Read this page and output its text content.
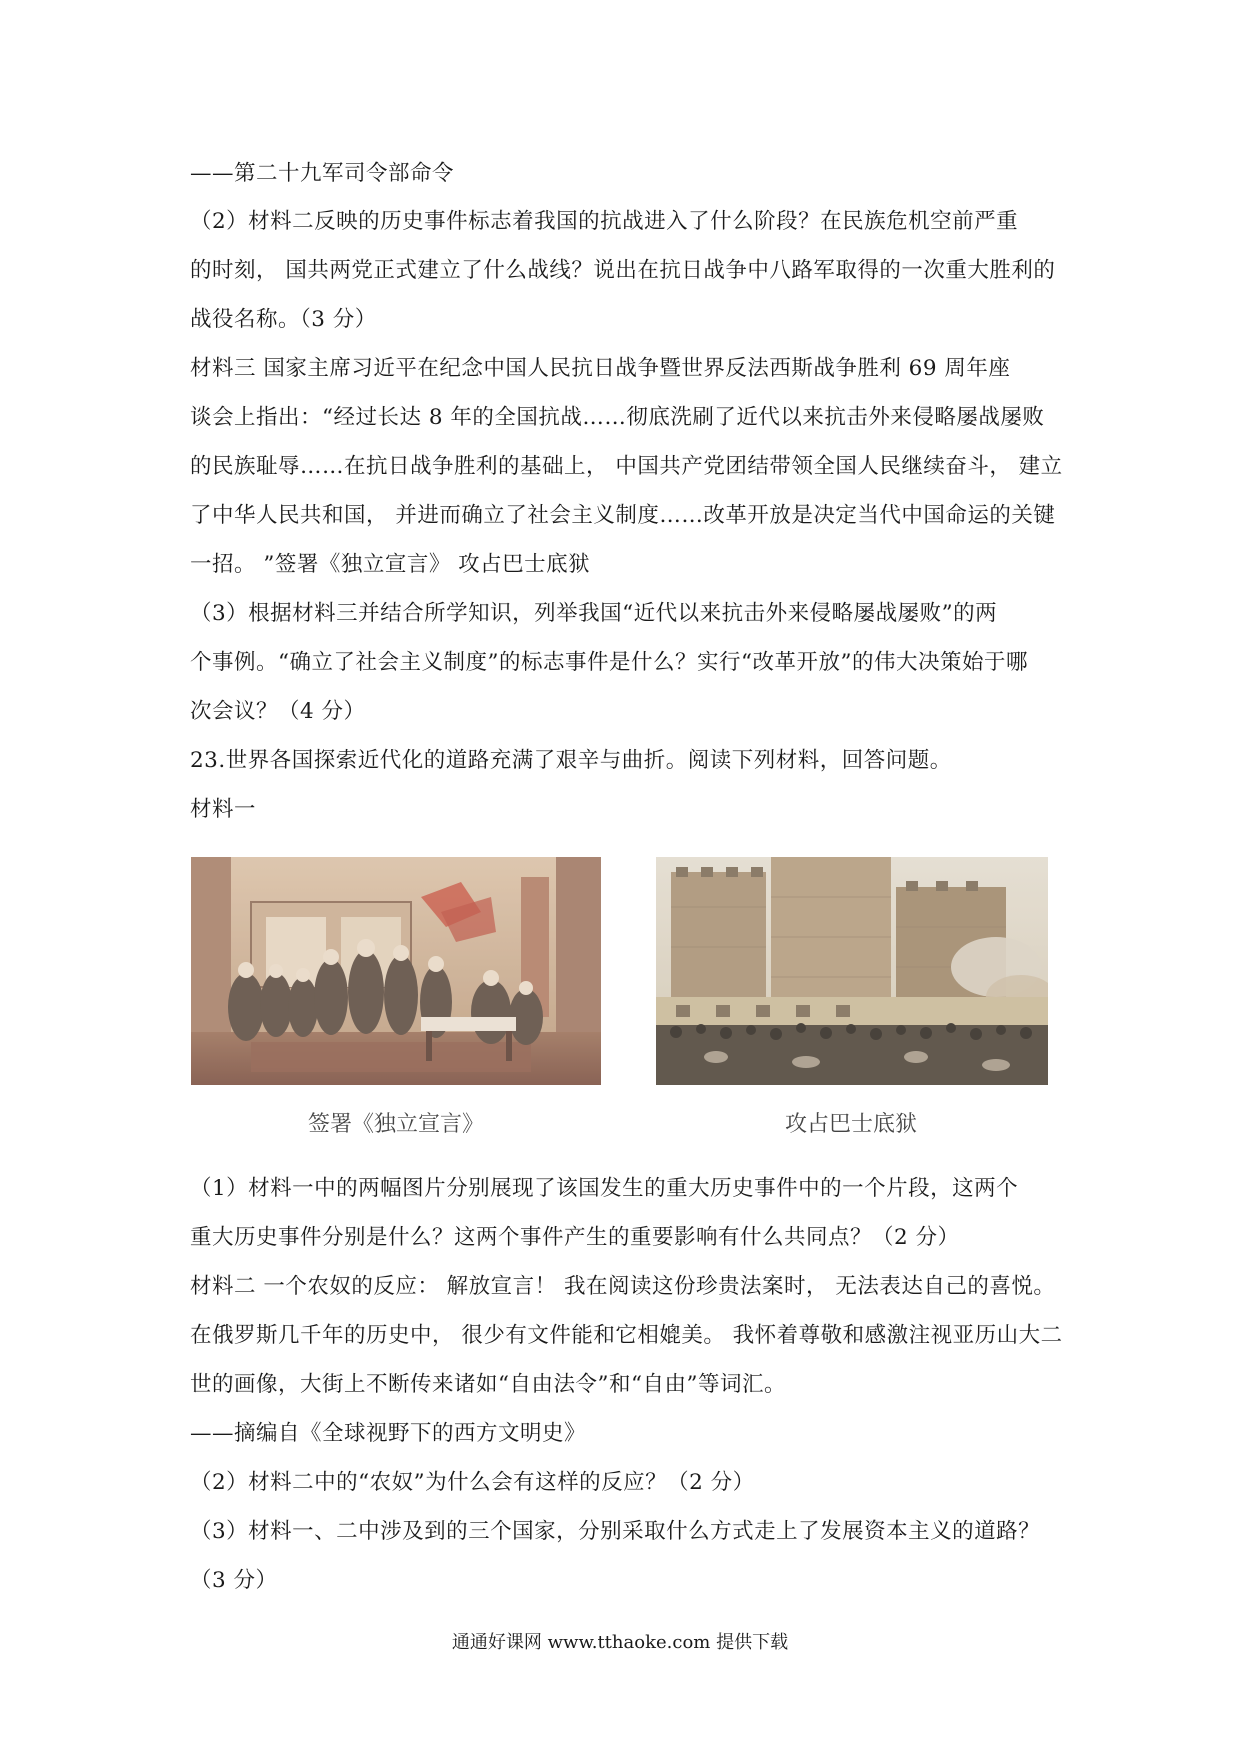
——第二十九军司令部命令
（2）材料二反映的历史事件标志着我国的抗战进入了什么阶段？在民族危机空前严重
的时刻， 国共两党正式建立了什么战线？说出在抗日战争中八路军取得的一次重大胜利的
战役名称。（3 分）
材料三 国家主席习近平在纪念中国人民抗日战争暨世界反法西斯战争胜利 69 周年座
谈会上指出：“经过长达 8 年的全国抗战……彻底洗刷了近代以来抗击外来侵略屡战屡败
的民族耻辱……在抗日战争胜利的基础上， 中国共产党团结带领全国人民继续奋斗， 建立
了中华人民共和国， 并进而确立了社会主义制度……改革开放是决定当代中国命运的关键
一招。 ”签署《独立宣言》 攻占巴士底狱
（3）根据材料三并结合所学知识，列举我国“近代以来抗击外来侵略屡战屡败”的两
个事例。“确立了社会主义制度”的标志事件是什么？实行“改革开放”的伟大决策始于哪
次会议？（4 分）
23.世界各国探索近代化的道路充满了艰辛与曲折。阅读下列材料，回答问题。
材料一
签署《独立宣言》	攻占巴士底狱
（1）材料一中的两幅图片分别展现了该国发生的重大历史事件中的一个片段，这两个
重大历史事件分别是什么？这两个事件产生的重要影响有什么共同点？（2 分）
材料二 一个农奴的反应： 解放宣言！ 我在阅读这份珍贵法案时， 无法表达自己的喜悦。
在俄罗斯几千年的历史中， 很少有文件能和它相媲美。 我怀着尊敬和感激注视亚历山大二
世的画像，大街上不断传来诸如“自由法令”和“自由”等词汇。
——摘编自《全球视野下的西方文明史》
（2）材料二中的“农奴”为什么会有这样的反应？（2 分）
（3）材料一、二中涉及到的三个国家，分别采取什么方式走上了发展资本主义的道路？
（3 分）
通通好课网 www.tthaoke.com 提供下载
